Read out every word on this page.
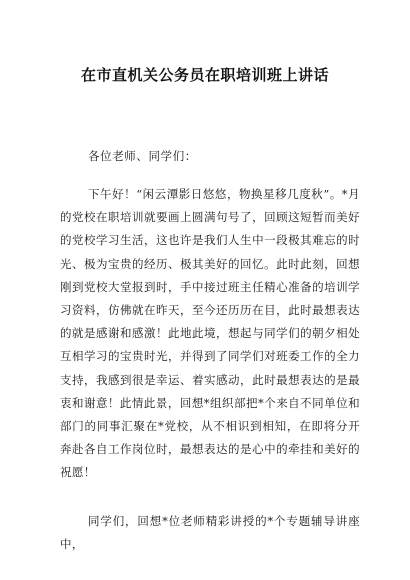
在市直机关公务员在职培训班上讲话
各位老师、同学们：

下午好！“闲云潭影日悠悠，物换星移几度秋”。*月的党校在职培训就要画上圆满句号了，回顾这短暂而美好的党校学习生活，这也许是我们人生中一段极其难忘的时光、极为宝贵的经历、极其美好的回忆。此时此刻，回想刚到党校大堂报到时，手中接过班主任精心准备的培训学习资料，仿佛就在昨天，至今还历历在目，此时最想表达的就是感谢和感激！此地此境，想起与同学们的朝夕相处互相学习的宝贵时光，并得到了同学们对班委工作的全力支持，我感到很是幸运、着实感动，此时最想表达的是最衷和谢意！此情此景，回想*组织部把*个来自不同单位和部门的同事汇聚在*党校，从不相识到相知，在即将分开奔赴各自工作岗位时，最想表达的是心中的牵挂和美好的祝愿！

同学们，回想*位老师精彩讲授的*个专题辅导讲座中，
